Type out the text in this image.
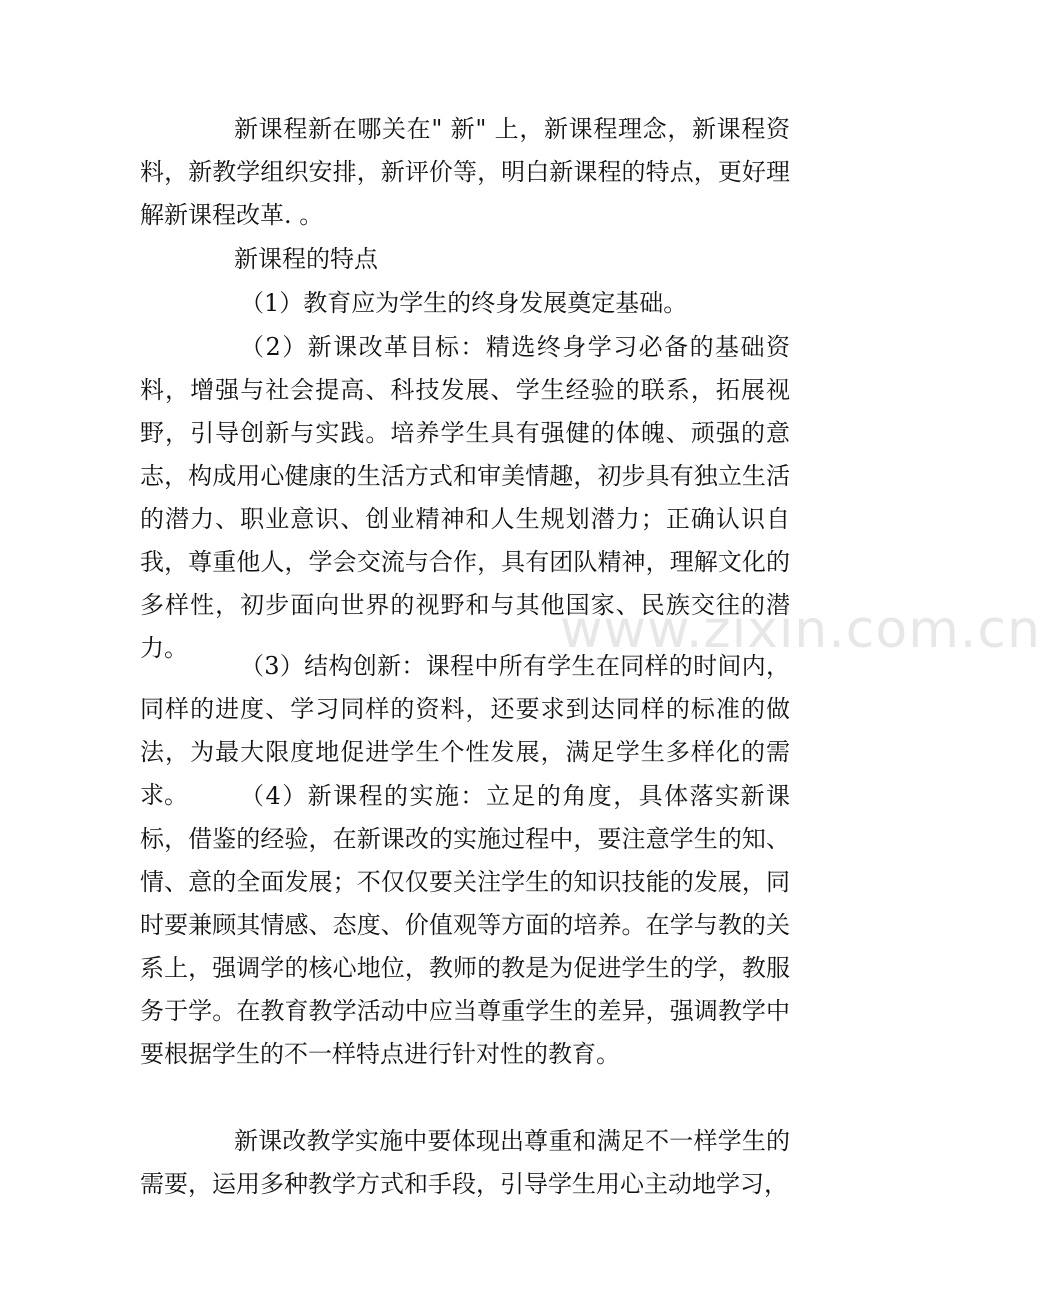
新课程新在哪关在" 新" 上，新课程理念，新课程资料，新教学组织安排，新评价等，明白新课程的特点，更好理解新课程改革. 。

新课程的特点

（1）教育应为学生的终身发展奠定基础。

（2）新课改革目标：精选终身学习必备的基础资料，增强与社会提高、科技发展、学生经验的联系，拓展视野，引导创新与实践。培养学生具有强健的体魄、顽强的意志，构成用心健康的生活方式和审美情趣，初步具有独立生活的潜力、职业意识、创业精神和人生规划潜力；正确认识自我，尊重他人，学会交流与合作，具有团队精神，理解文化的多样性，初步面向世界的视野和与其他国家、民族交往的潜力。

（3）结构创新：课程中所有学生在同样的时间内，同样的进度、学习同样的资料，还要求到达同样的标准的做法，为最大限度地促进学生个性发展，满足学生多样化的需求。	（4）新课程的实施：立足的角度，具体落实新课标，借鉴的经验，在新课改的实施过程中，要注意学生的知、情、意的全面发展；不仅仅要关注学生的知识技能的发展，同时要兼顾其情感、态度、价值观等方面的培养。在学与教的关系上，强调学的核心地位，教师的教是为促进学生的学，教服务于学。在教育教学活动中应当尊重学生的差异，强调教学中要根据学生的不一样特点进行针对性的教育。

新课改教学实施中要体现出尊重和满足不一样学生的需要，运用多种教学方式和手段，引导学生用心主动地学习，

www.zixin.com.cn
